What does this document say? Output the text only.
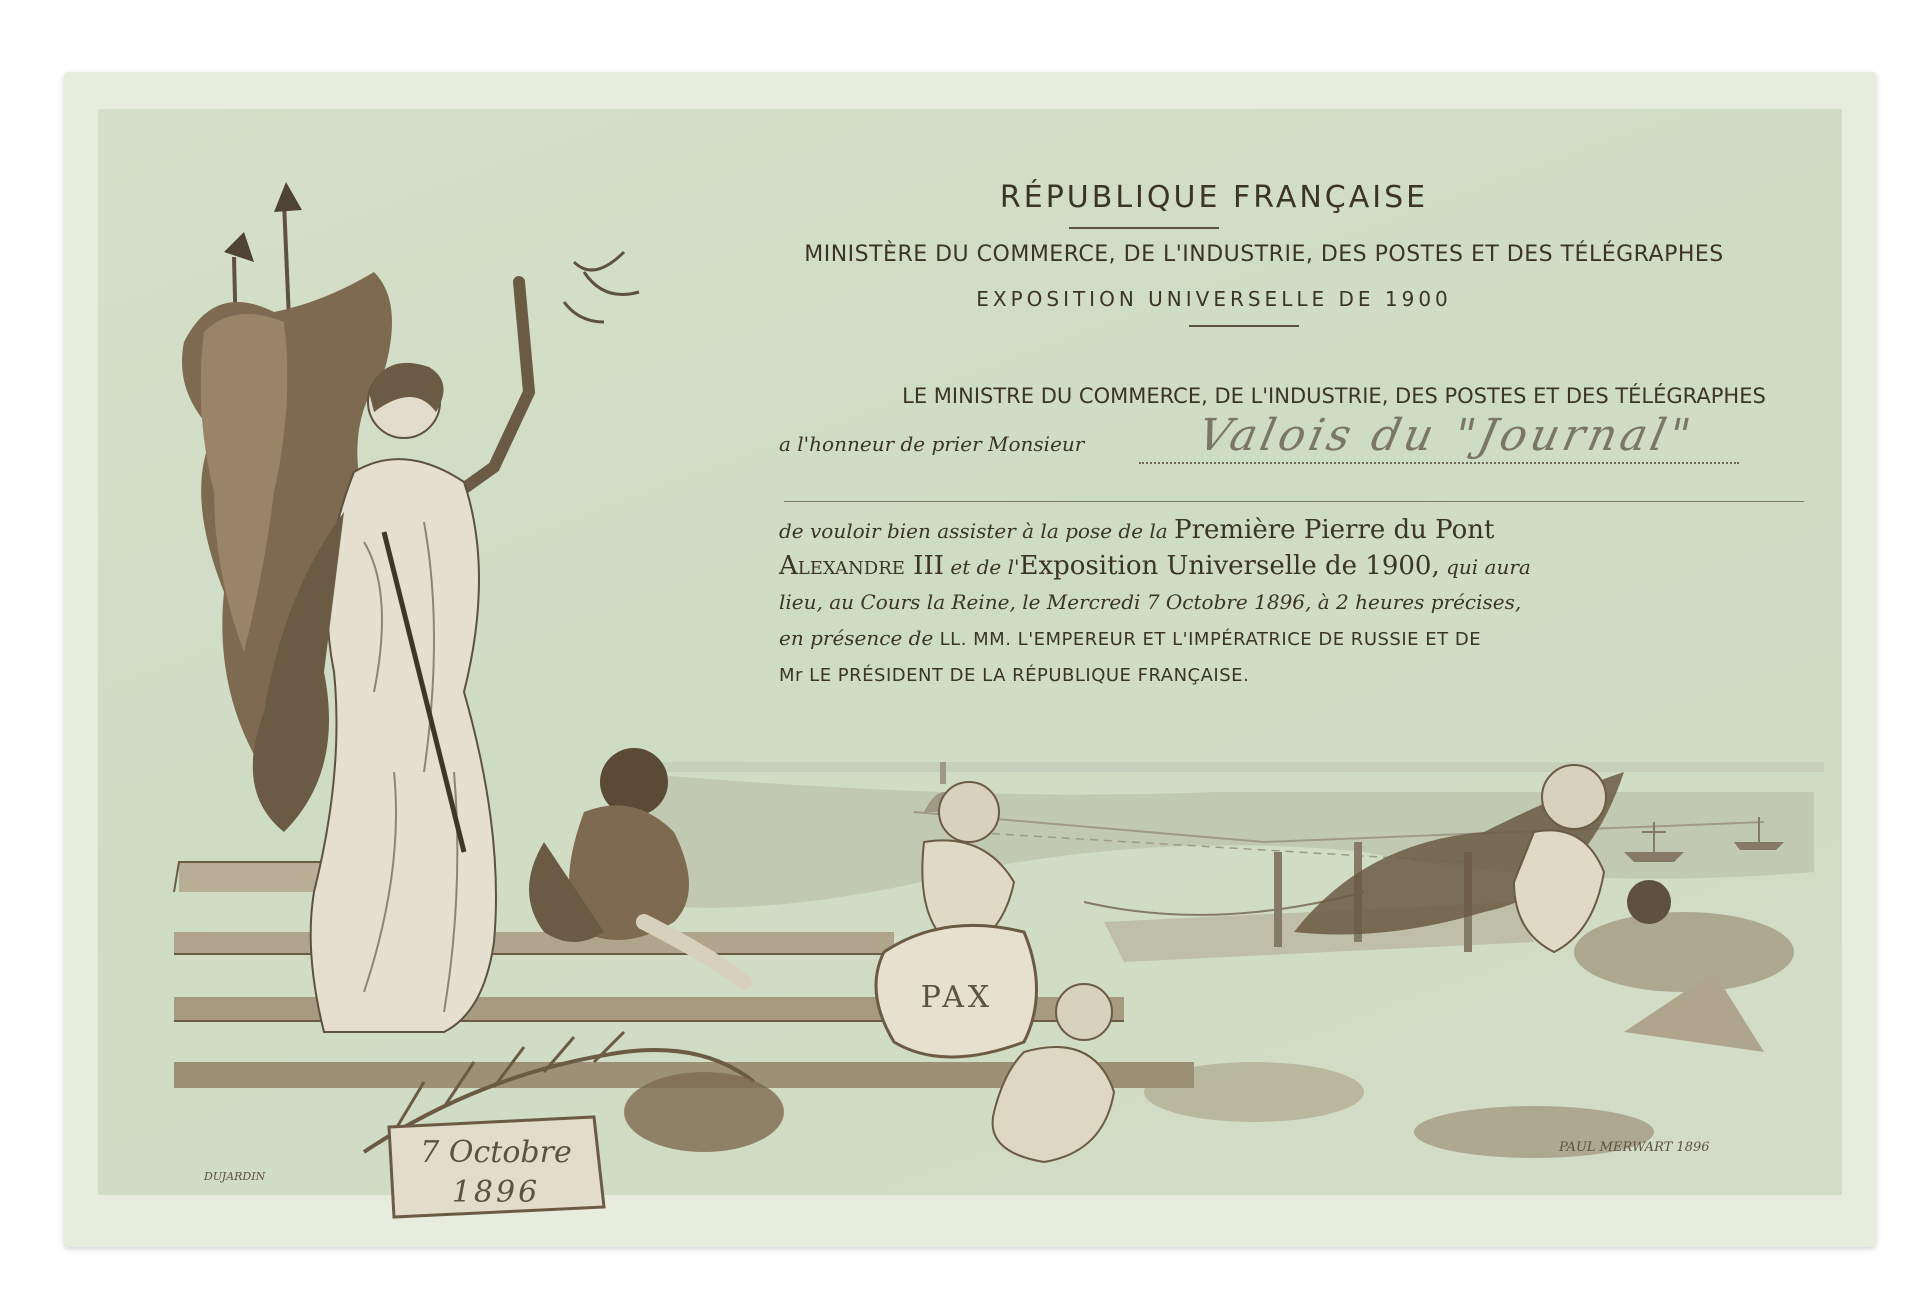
PAX
7 Octobre
1896
RÉPUBLIQUE FRANÇAISE
MINISTÈRE DU COMMERCE, DE L'INDUSTRIE, DES POSTES ET DES TÉLÉGRAPHES
EXPOSITION UNIVERSELLE DE 1900
LE MINISTRE DU COMMERCE, DE L'INDUSTRIE, DES POSTES ET DES TÉLÉGRAPHES
a l'honneur de prier Monsieur Valois du "Journal"
de vouloir bien assister à la pose de la Première Pierre du Pont
Alexandre III et de l'Exposition Universelle de 1900, qui aura
lieu, au Cours la Reine, le Mercredi 7 Octobre 1896, à 2 heures précises,
en présence de LL. MM. L'EMPEREUR ET L'IMPÉRATRICE DE RUSSIE ET DE
Mr LE PRÉSIDENT DE LA RÉPUBLIQUE FRANÇAISE.
DUJARDIN
PAUL MERWART 1896
